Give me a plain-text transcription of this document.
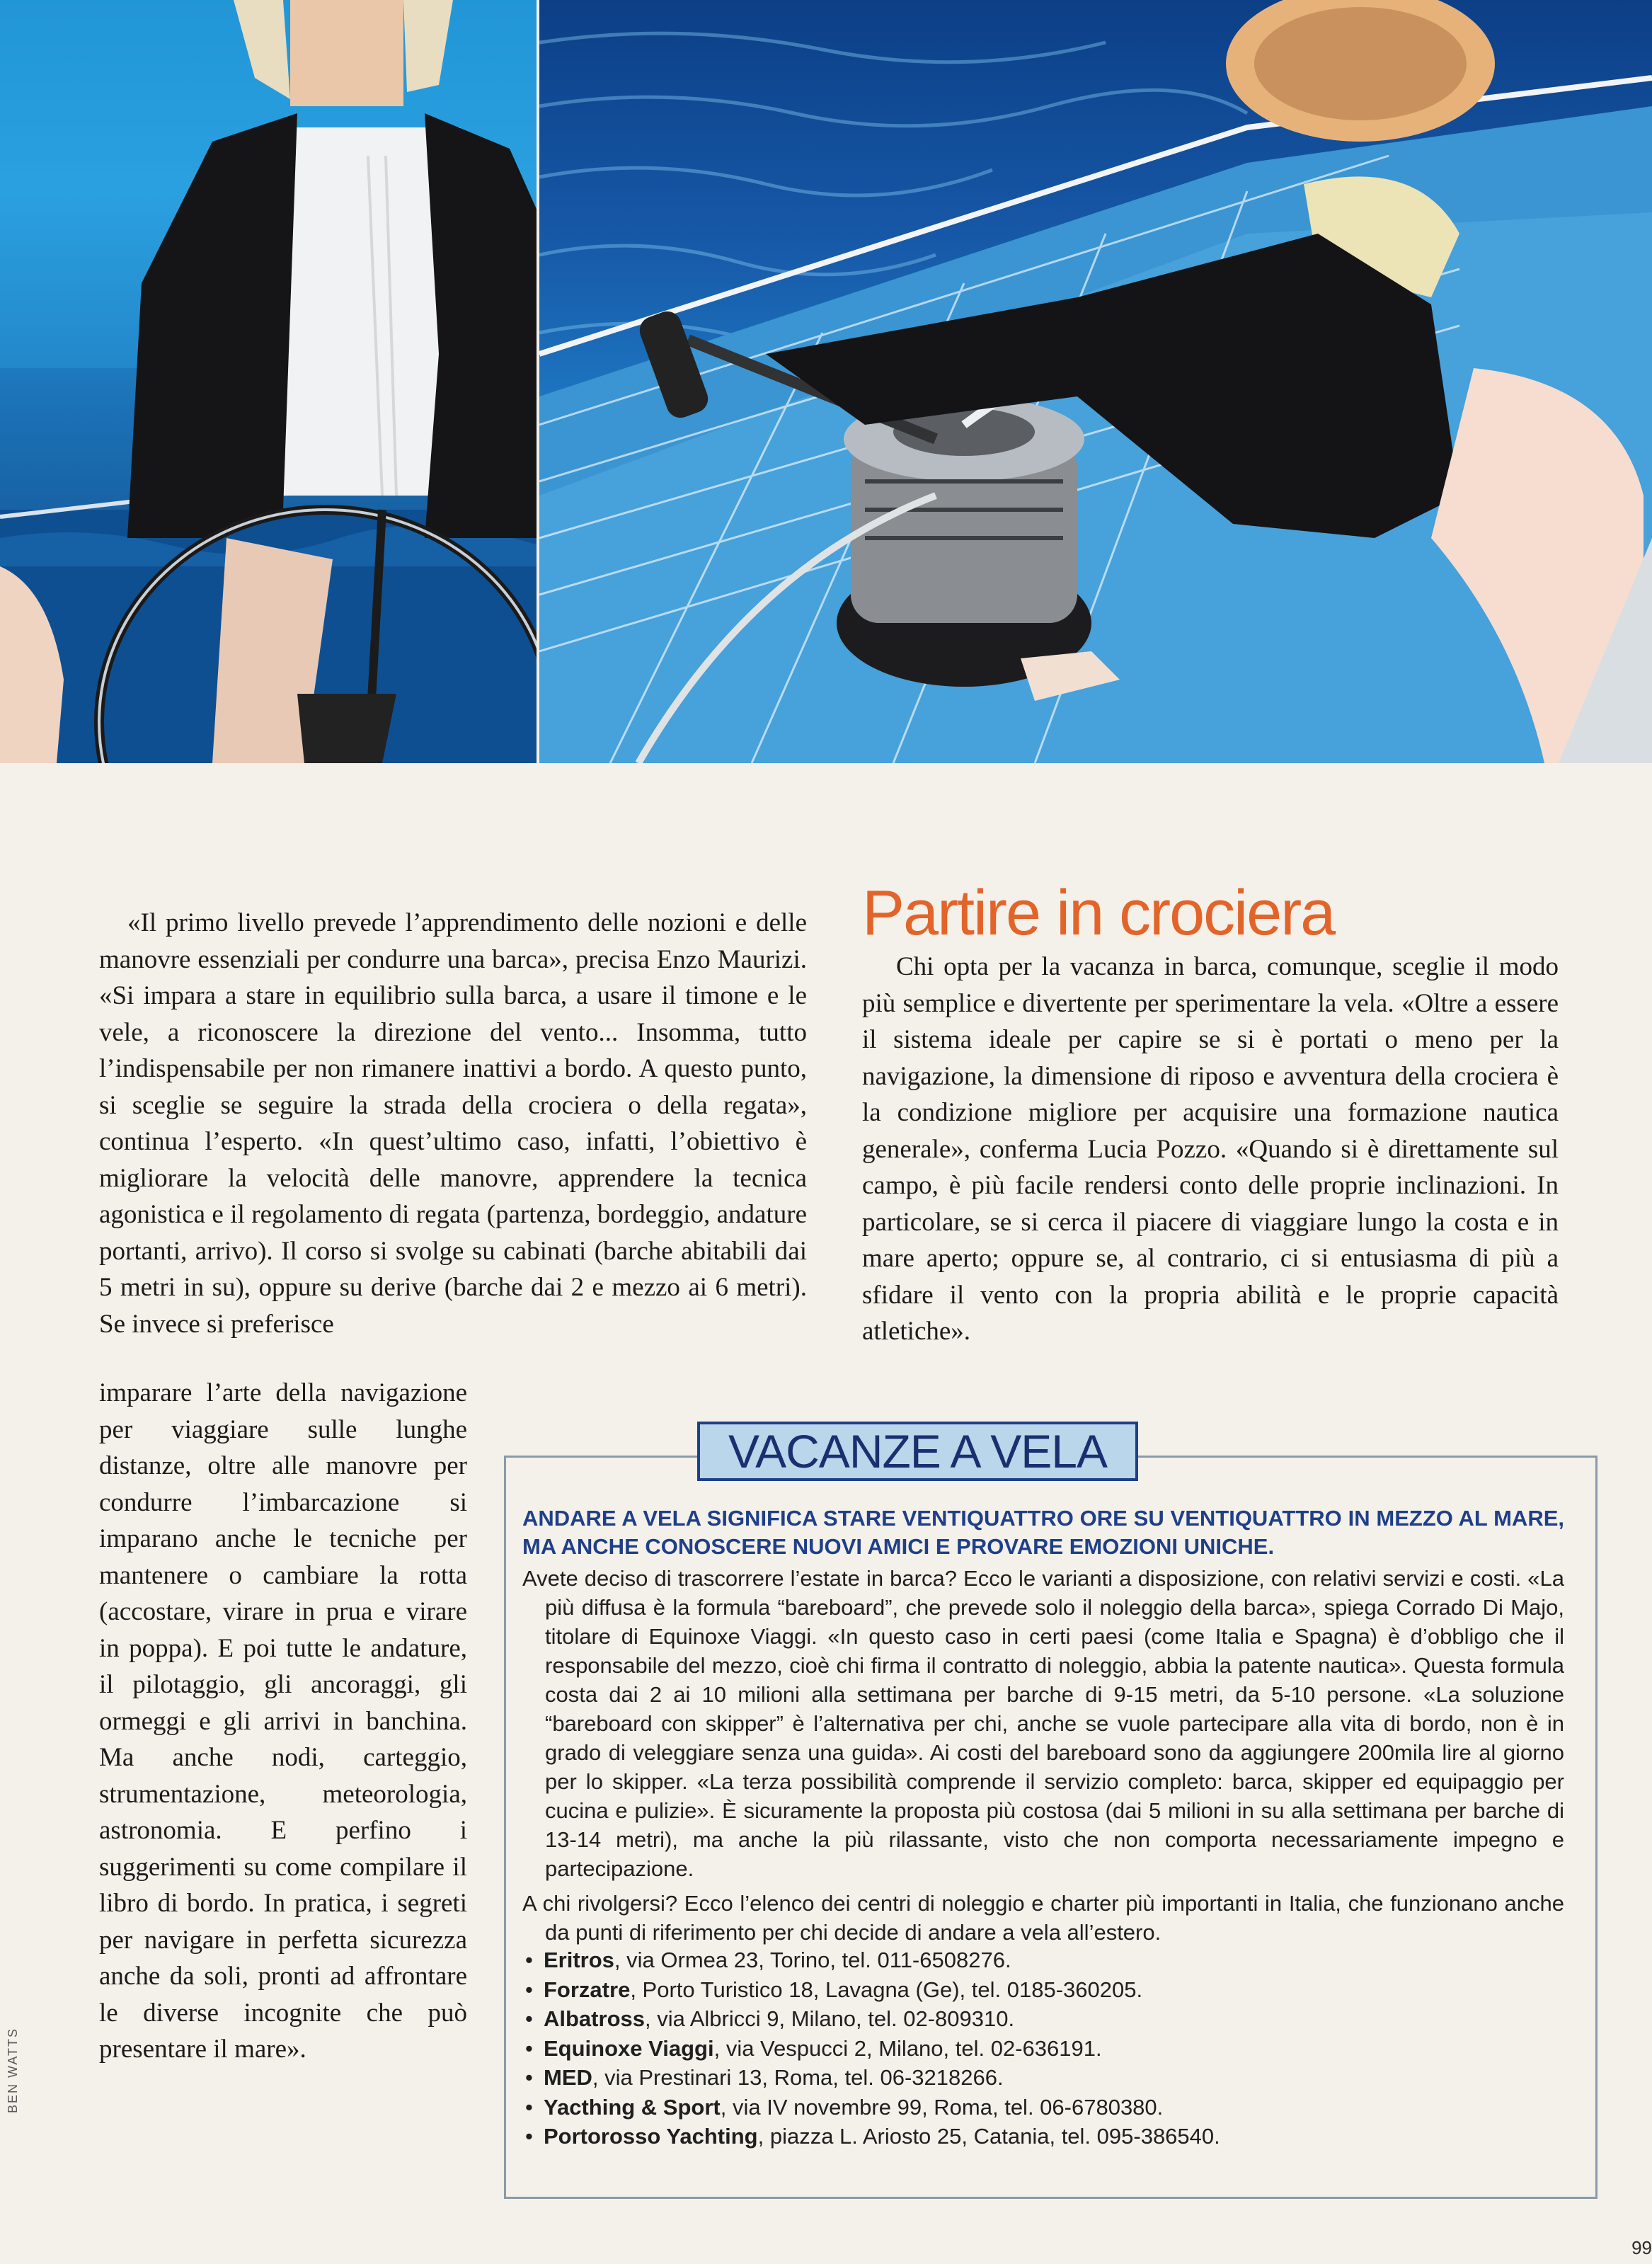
«Il primo livello prevede l’apprendimento delle nozioni e delle manovre essenziali per condurre una barca», precisa Enzo Maurizi. «Si impara a stare in equilibrio sulla barca, a usare il timone e le vele, a riconoscere la direzione del vento... Insomma, tutto l’indispensabile per non rimanere inattivi a bordo. A questo punto, si sceglie se seguire la strada della crociera o della regata», continua l’esperto. «In quest’ultimo caso, infatti, l’obiettivo è migliorare la velocità delle manovre, apprendere la tecnica agonistica e il regolamento di regata (partenza, bordeggio, andature portanti, arrivo). Il corso si svolge su cabinati (barche abitabili dai 5 metri in su), oppure su derive (barche dai 2 e mezzo ai 6 metri). Se invece si preferisce

imparare l’arte della navigazione per viaggiare sulle lunghe distanze, oltre alle manovre per condurre l’imbarcazione si imparano anche le tecniche per mantenere o cambiare la rotta (accostare, virare in prua e virare in poppa). E poi tutte le andature, il pilotaggio, gli ancoraggi, gli ormeggi e gli arrivi in banchina. Ma anche nodi, carteggio, strumentazione, meteorologia, astronomia. E perfino i suggerimenti su come compilare il libro di bordo. In pratica, i segreti per navigare in perfetta sicurezza anche da soli, pronti ad affrontare le diverse incognite che può presentare il mare».

Partire in crociera

Chi opta per la vacanza in barca, comunque, sceglie il modo più semplice e divertente per sperimentare la vela. «Oltre a essere il sistema ideale per capire se si è portati o meno per la navigazione, la dimensione di riposo e avventura della crociera è la condizione migliore per acquisire una formazione nautica generale», conferma Lucia Pozzo. «Quando si è direttamente sul campo, è più facile rendersi conto delle proprie inclinazioni. In particolare, se si cerca il piacere di viaggiare lungo la costa e in mare aperto; oppure se, al contrario, ci si entusiasma di più a sfidare il vento con la propria abilità e le proprie capacità atletiche».

VACANZE A VELA

ANDARE A VELA SIGNIFICA STARE VENTIQUATTRO ORE SU VENTIQUATTRO IN MEZZO AL MARE, MA ANCHE CONOSCERE NUOVI AMICI E PROVARE EMOZIONI UNICHE.

Avete deciso di trascorrere l’estate in barca? Ecco le varianti a disposizione, con relativi servizi e costi. «La più diffusa è la formula “bareboard”, che prevede solo il noleggio della barca», spiega Corrado Di Majo, titolare di Equinoxe Viaggi. «In questo caso in certi paesi (come Italia e Spagna) è d’obbligo che il responsabile del mezzo, cioè chi firma il contratto di noleggio, abbia la patente nautica». Questa formula costa dai 2 ai 10 milioni alla settimana per barche di 9-15 metri, da 5-10 persone. «La soluzione “bareboard con skipper” è l’alternativa per chi, anche se vuole partecipare alla vita di bordo, non è in grado di veleggiare senza una guida». Ai costi del bareboard sono da aggiungere 200mila lire al giorno per lo skipper. «La terza possibilità comprende il servizio completo: barca, skipper ed equipaggio per cucina e pulizie». È sicuramente la proposta più costosa (dai 5 milioni in su alla settimana per barche di 13-14 metri), ma anche la più rilassante, visto che non comporta necessariamente impegno e partecipazione.

A chi rivolgersi? Ecco l’elenco dei centri di noleggio e charter più importanti in Italia, che funzionano anche da punti di riferimento per chi decide di andare a vela all’estero.

• Eritros, via Ormea 23, Torino, tel. 011-6508276.
• Forzatre, Porto Turistico 18, Lavagna (Ge), tel. 0185-360205.
• Albatross, via Albricci 9, Milano, tel. 02-809310.
• Equinoxe Viaggi, via Vespucci 2, Milano, tel. 02-636191.
• MED, via Prestinari 13, Roma, tel. 06-3218266.
• Yacthing & Sport, via IV novembre 99, Roma, tel. 06-6780380.
• Portorosso Yachting, piazza L. Ariosto 25, Catania, tel. 095-386540.
BEN WATTS
99
